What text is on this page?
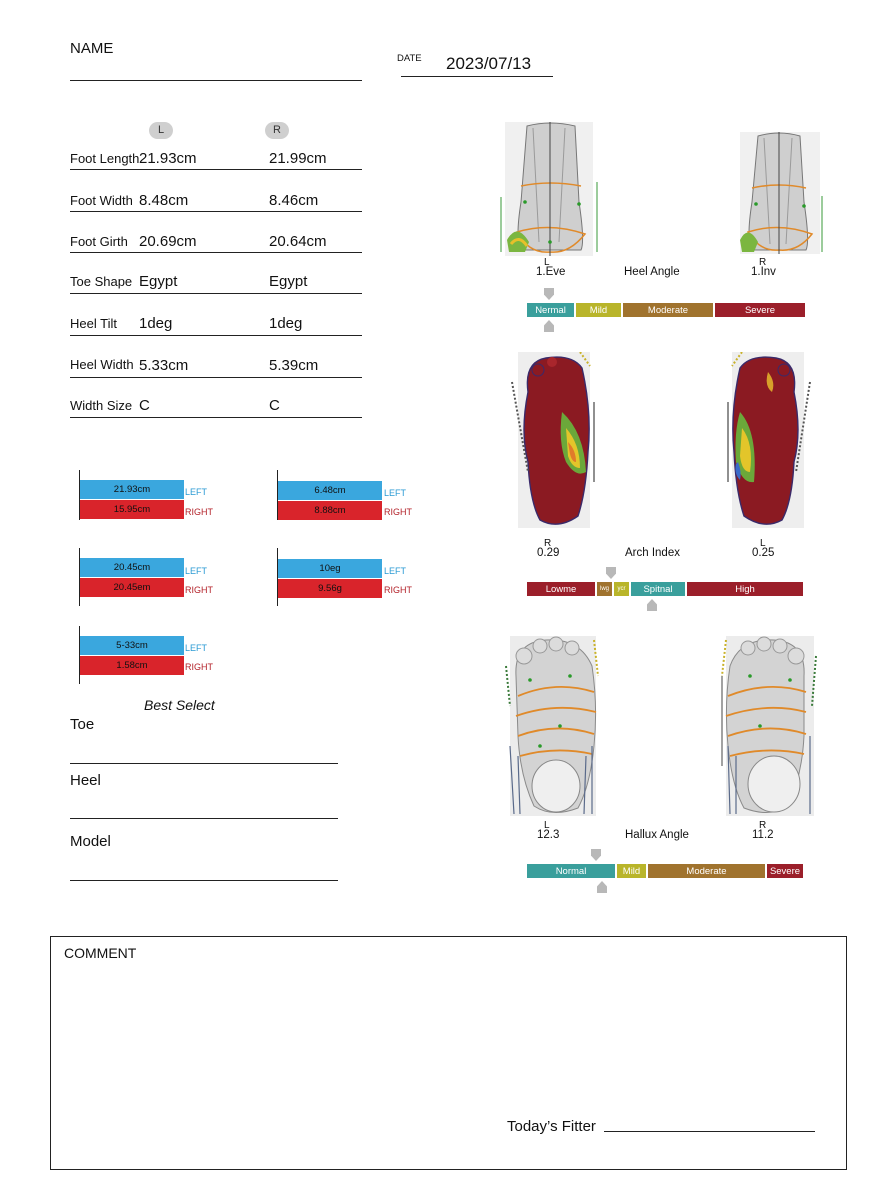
NAME
DATE 2023/07/13
L	R
Foot Length 21.93cm	21.99cm
Foot Width 8.48cm	8.46cm
Foot Girth 20.69cm	20.64cm
Toe Shape Egypt	Egypt
Heel Tilt 1deg	1deg
Heel Width 5.33cm	5.39cm
Width Size C	C
21.93cm
15.95cm
LEFT
RIGHT
6.48cm
8.88cm
LEFT
RIGHT
20.45cm
20.45em
LEFT
RIGHT
10eg
9.56g
LEFT
RIGHT
5-33cm
1.58cm
LEFT
RIGHT
Best Select
Toe
Heel
Model
L
1.Eve	Heel Angle
R
1.Inv
Nermal	Mild	Moderate	Severe
R
0.29	Arch Index
L
0.25
Lowme	lwg	ycr	Spitnal	High
L
12.3	Hallux Angle
R
11.2
Normal	Mild	Moderate	Severe
COMMENT
Today’s Fitter
